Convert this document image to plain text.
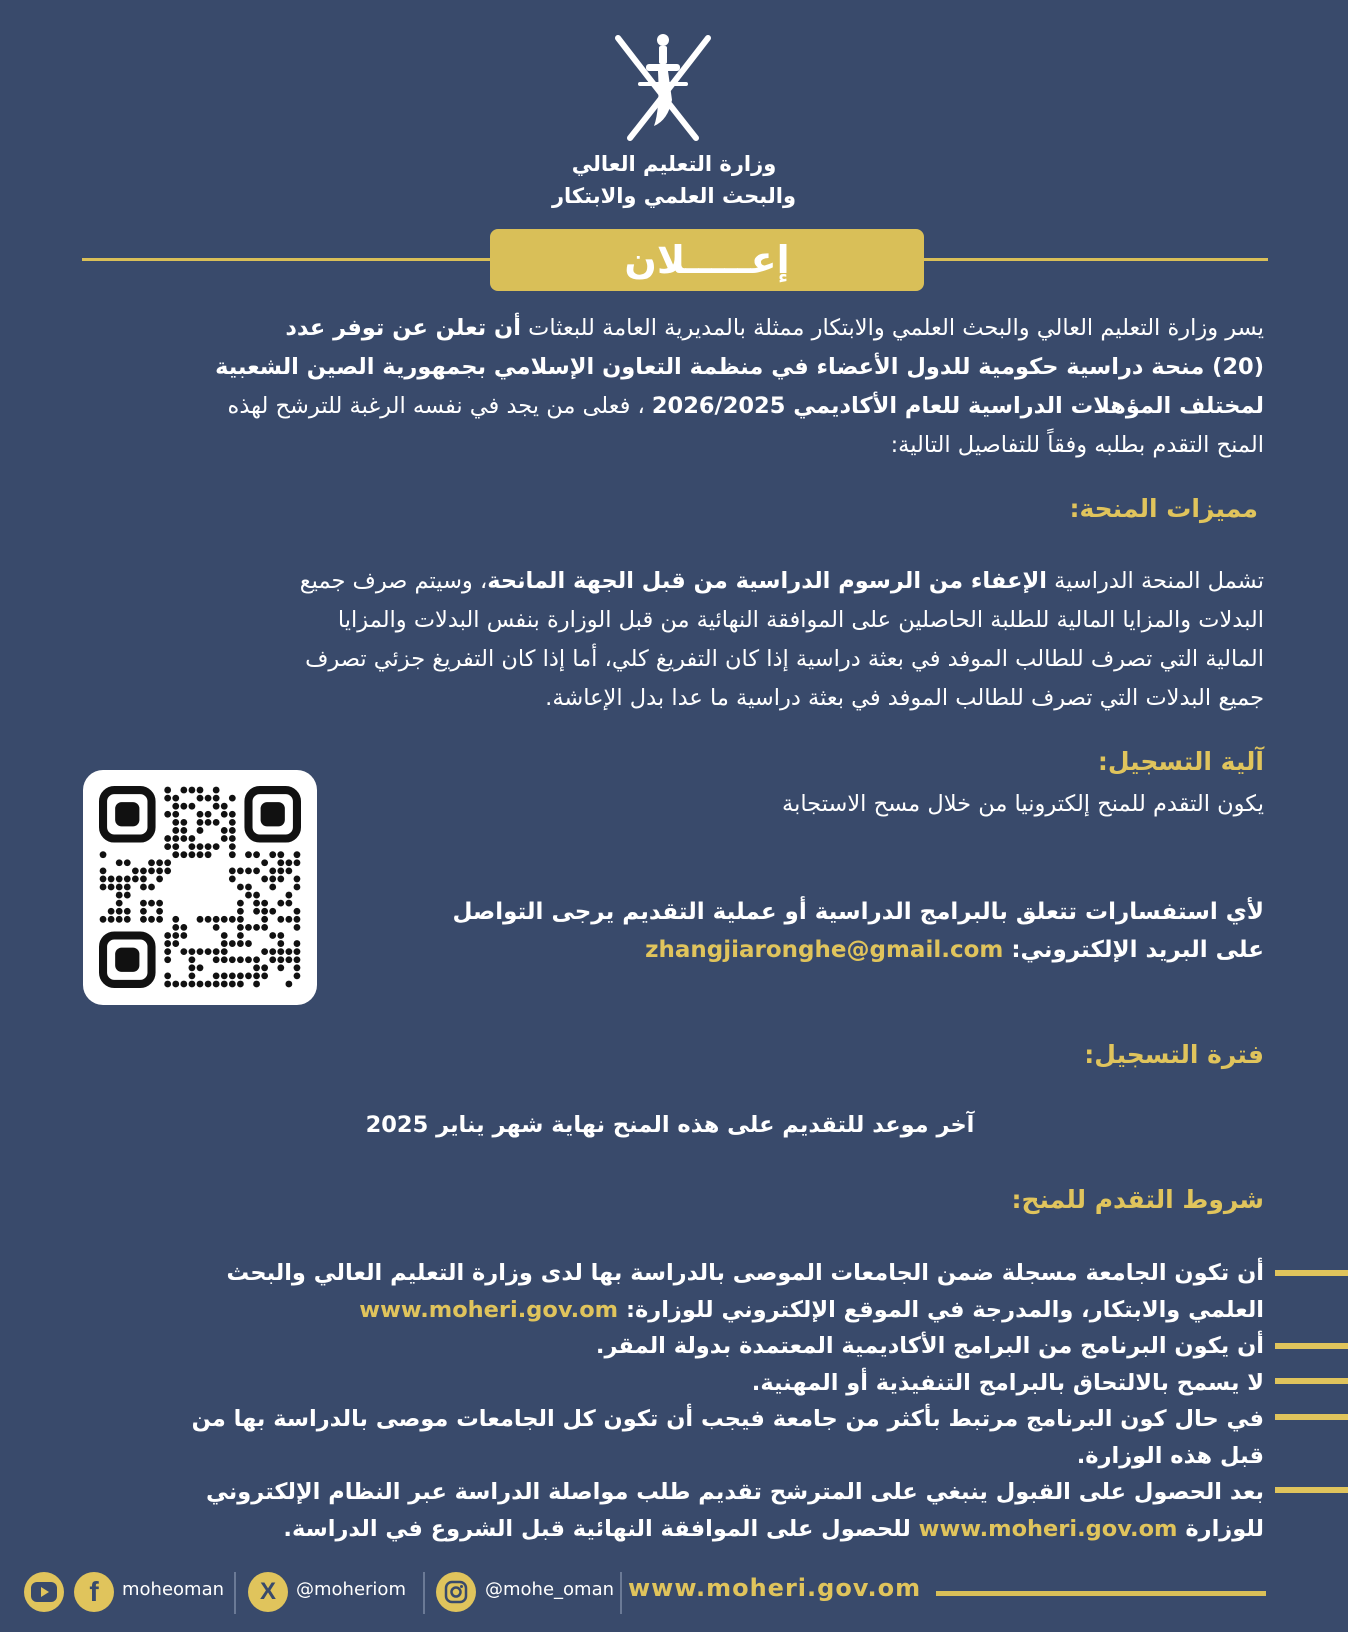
وزارة التعليم العالي
والبحث العلمي والابتكار
إعـــــلان
يسر وزارة التعليم العالي والبحث العلمي والابتكار ممثلة بالمديرية العامة للبعثات أن تعلن عن توفر عدد
(20) منحة دراسية حكومية للدول الأعضاء في منظمة التعاون الإسلامي بجمهورية الصين الشعبية
لمختلف المؤهلات الدراسية للعام الأكاديمي 2026/2025 ، فعلى من يجد في نفسه الرغبة للترشح لهذه
المنح التقدم بطلبه وفقاً للتفاصيل التالية:
مميزات المنحة:
تشمل المنحة الدراسية الإعفاء من الرسوم الدراسية من قبل الجهة المانحة، وسيتم صرف جميع
البدلات والمزايا المالية للطلبة الحاصلين على الموافقة النهائية من قبل الوزارة بنفس البدلات والمزايا
المالية التي تصرف للطالب الموفد في بعثة دراسية إذا كان التفريغ كلي، أما إذا كان التفريغ جزئي تصرف
جميع البدلات التي تصرف للطالب الموفد في بعثة دراسية ما عدا بدل الإعاشة.
آلية التسجيل:
يكون التقدم للمنح إلكترونيا من خلال مسح الاستجابة
لأي استفسارات تتعلق بالبرامج الدراسية أو عملية التقديم يرجى التواصل
على البريد الإلكتروني: zhangjiaronghe@gmail.com
فترة التسجيل:
آخر موعد للتقديم على هذه المنح نهاية شهر يناير 2025
شروط التقدم للمنح:
أن تكون الجامعة مسجلة ضمن الجامعات الموصى بالدراسة بها لدى وزارة التعليم العالي والبحث
العلمي والابتكار، والمدرجة في الموقع الإلكتروني للوزارة: www.moheri.gov.om
أن يكون البرنامج من البرامج الأكاديمية المعتمدة بدولة المقر.
لا يسمح بالالتحاق بالبرامج التنفيذية أو المهنية.
في حال كون البرنامج مرتبط بأكثر من جامعة فيجب أن تكون كل الجامعات موصى بالدراسة بها من
قبل هذه الوزارة.
بعد الحصول على القبول ينبغي على المترشح تقديم طلب مواصلة الدراسة عبر النظام الإلكتروني
للوزارة www.moheri.gov.om للحصول على الموافقة النهائية قبل الشروع في الدراسة.
f moheoman X @moheriom	@mohe_oman www.moheri.gov.om
